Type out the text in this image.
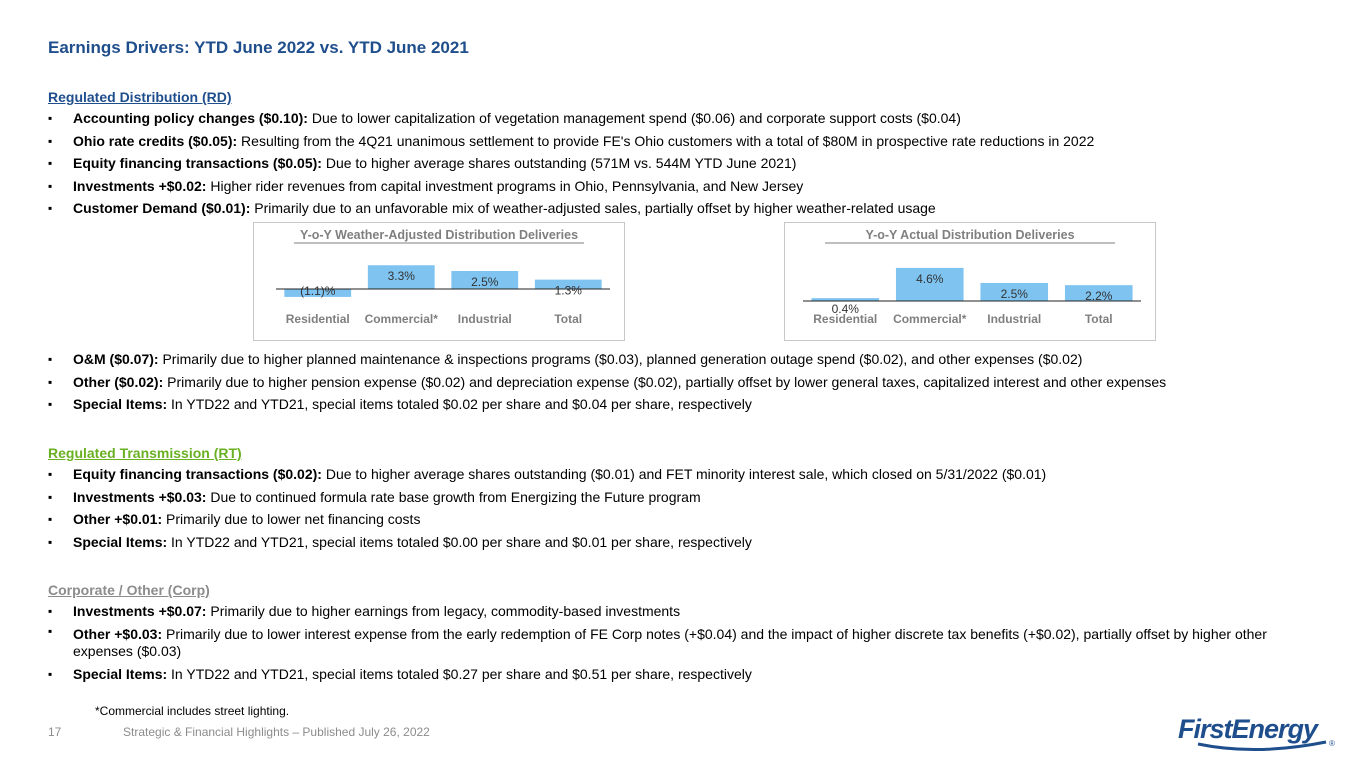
Earnings Drivers: YTD June 2022 vs. YTD June 2021
Regulated Distribution (RD)
▪ Accounting policy changes ($0.10): Due to lower capitalization of vegetation management spend ($0.06) and corporate support costs ($0.04)
▪ Ohio rate credits ($0.05): Resulting from the 4Q21 unanimous settlement to provide FE's Ohio customers with a total of $80M in prospective rate reductions in 2022
▪ Equity financing transactions ($0.05): Due to higher average shares outstanding (571M vs. 544M YTD June 2021)
▪ Investments +$0.02: Higher rider revenues from capital investment programs in Ohio, Pennsylvania, and New Jersey
▪ Customer Demand ($0.01): Primarily due to an unfavorable mix of weather-adjusted sales, partially offset by higher weather-related usage
Y-o-Y Weather-Adjusted Distribution Deliveries
(1.1)%
Residential
3.3%
Commercial*
2.5%
Industrial
1.3%
Total
Y-o-Y Actual Distribution Deliveries
0.4%
Residential
4.6%
Commercial*
2.5%
Industrial
2.2%
Total
▪ O&M ($0.07): Primarily due to higher planned maintenance & inspections programs ($0.03), planned generation outage spend ($0.02), and other expenses ($0.02)
▪ Other ($0.02): Primarily due to higher pension expense ($0.02) and depreciation expense ($0.02), partially offset by lower general taxes, capitalized interest and other expenses
▪ Special Items: In YTD22 and YTD21, special items totaled $0.02 per share and $0.04 per share, respectively
Regulated Transmission (RT)
▪ Equity financing transactions ($0.02): Due to higher average shares outstanding ($0.01) and FET minority interest sale, which closed on 5/31/2022 ($0.01)
▪ Investments +$0.03: Due to continued formula rate base growth from Energizing the Future program
▪ Other +$0.01: Primarily due to lower net financing costs
▪ Special Items: In YTD22 and YTD21, special items totaled $0.00 per share and $0.01 per share, respectively
Corporate / Other (Corp)
▪ Investments +$0.07: Primarily due to higher earnings from legacy, commodity-based investments
▪ Other +$0.03: Primarily due to lower interest expense from the early redemption of FE Corp notes (+$0.04) and the impact of higher discrete tax benefits (+$0.02), partially offset by higher other expenses ($0.03)
▪ Special Items: In YTD22 and YTD21, special items totaled $0.27 per share and $0.51 per share, respectively
*Commercial includes street lighting.
17	Strategic & Financial Highlights – Published July 26, 2022	FirstEnergy	®
